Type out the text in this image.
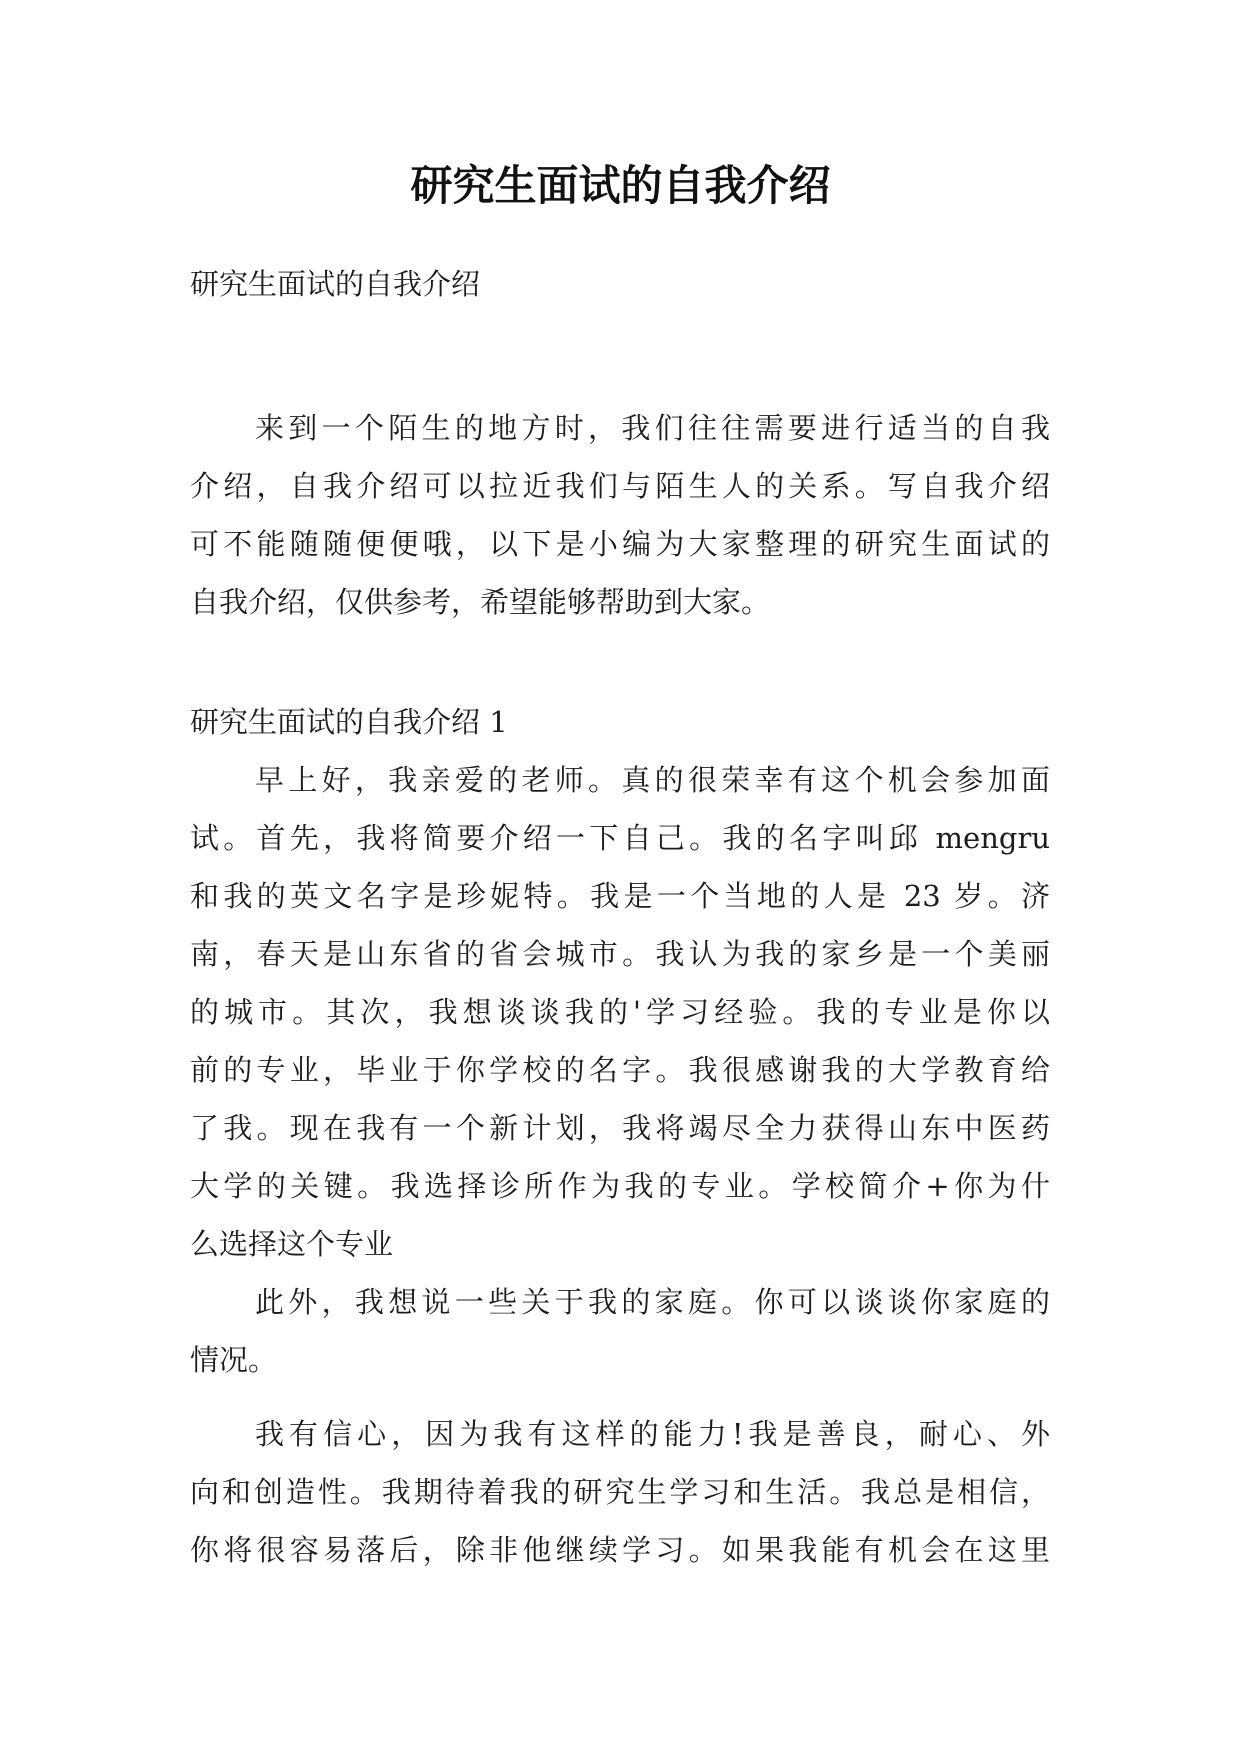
研究生面试的自我介绍
研究生面试的自我介绍
来到一个陌生的地方时，我们往往需要进行适当的自我
介绍，自我介绍可以拉近我们与陌生人的关系。写自我介绍
可不能随随便便哦，以下是小编为大家整理的研究生面试的
自我介绍，仅供参考，希望能够帮助到大家。
研究生面试的自我介绍 1
早上好，我亲爱的老师。真的很荣幸有这个机会参加面
试。首先，我将简要介绍一下自己。我的名字叫邱 mengru
和我的英文名字是珍妮特。我是一个当地的人是 23 岁。济
南，春天是山东省的省会城市。我认为我的家乡是一个美丽
的城市。其次，我想谈谈我的'学习经验。我的专业是你以
前的专业，毕业于你学校的名字。我很感谢我的大学教育给
了我。现在我有一个新计划，我将竭尽全力获得山东中医药
大学的关键。我选择诊所作为我的专业。学校简介+你为什
么选择这个专业
此外，我想说一些关于我的家庭。你可以谈谈你家庭的
情况。
我有信心，因为我有这样的能力!我是善良，耐心、外
向和创造性。我期待着我的研究生学习和生活。我总是相信，
你将很容易落后，除非他继续学习。如果我能有机会在这里
